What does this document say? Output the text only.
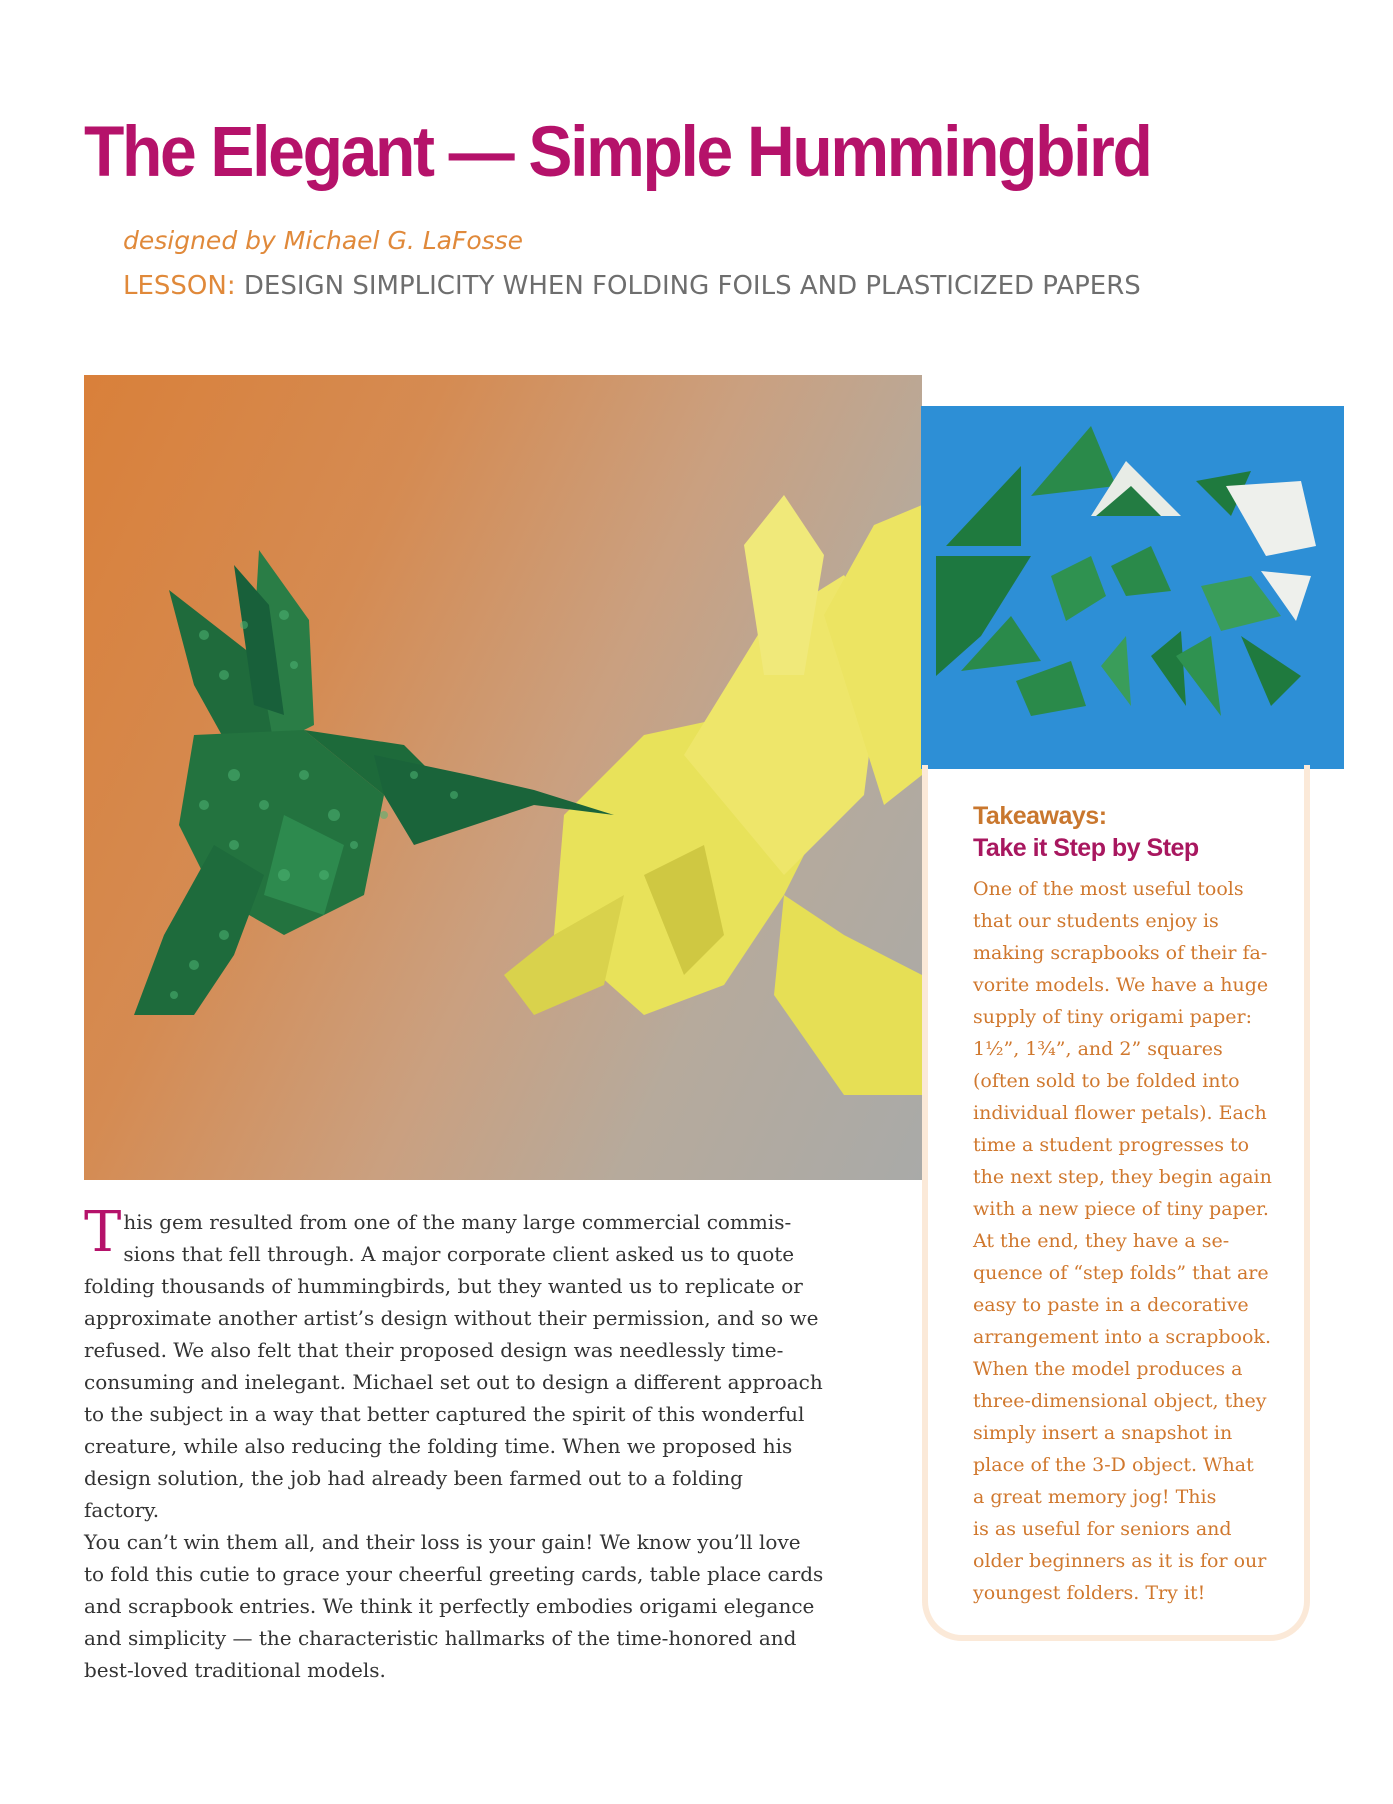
The Elegant — Simple Hummingbird
designed by Michael G. LaFosse
LESSON: DESIGN SIMPLICITY WHEN FOLDING FOILS AND PLASTICIZED PAPERS
Takeaways:
Take it Step by Step

One of the most useful tools
that our students enjoy is
making scrapbooks of their fa-
vorite models. We have a huge
supply of tiny origami paper:
1½”, 1¾”, and 2” squares
(often sold to be folded into
individual flower petals). Each
time a student progresses to
the next step, they begin again
with a new piece of tiny paper.
At the end, they have a se-
quence of “step folds” that are
easy to paste in a decorative
arrangement into a scrapbook.
When the model produces a
three-dimensional object, they
simply insert a snapshot in
place of the 3-D object. What
a great memory jog! This
is as useful for seniors and
older beginners as it is for our
youngest folders. Try it!

This gem resulted from one of the many large commercial commis-
sions that fell through. A major corporate client asked us to quote
folding thousands of hummingbirds, but they wanted us to replicate or
approximate another artist’s design without their permission, and so we
refused. We also felt that their proposed design was needlessly time-
consuming and inelegant. Michael set out to design a different approach
to the subject in a way that better captured the spirit of this wonderful
creature, while also reducing the folding time. When we proposed his
design solution, the job had already been farmed out to a folding factory.
You can’t win them all, and their loss is your gain! We know you’ll love
to fold this cutie to grace your cheerful greeting cards, table place cards
and scrapbook entries. We think it perfectly embodies origami elegance
and simplicity — the characteristic hallmarks of the time-honored and
best-loved traditional models.
